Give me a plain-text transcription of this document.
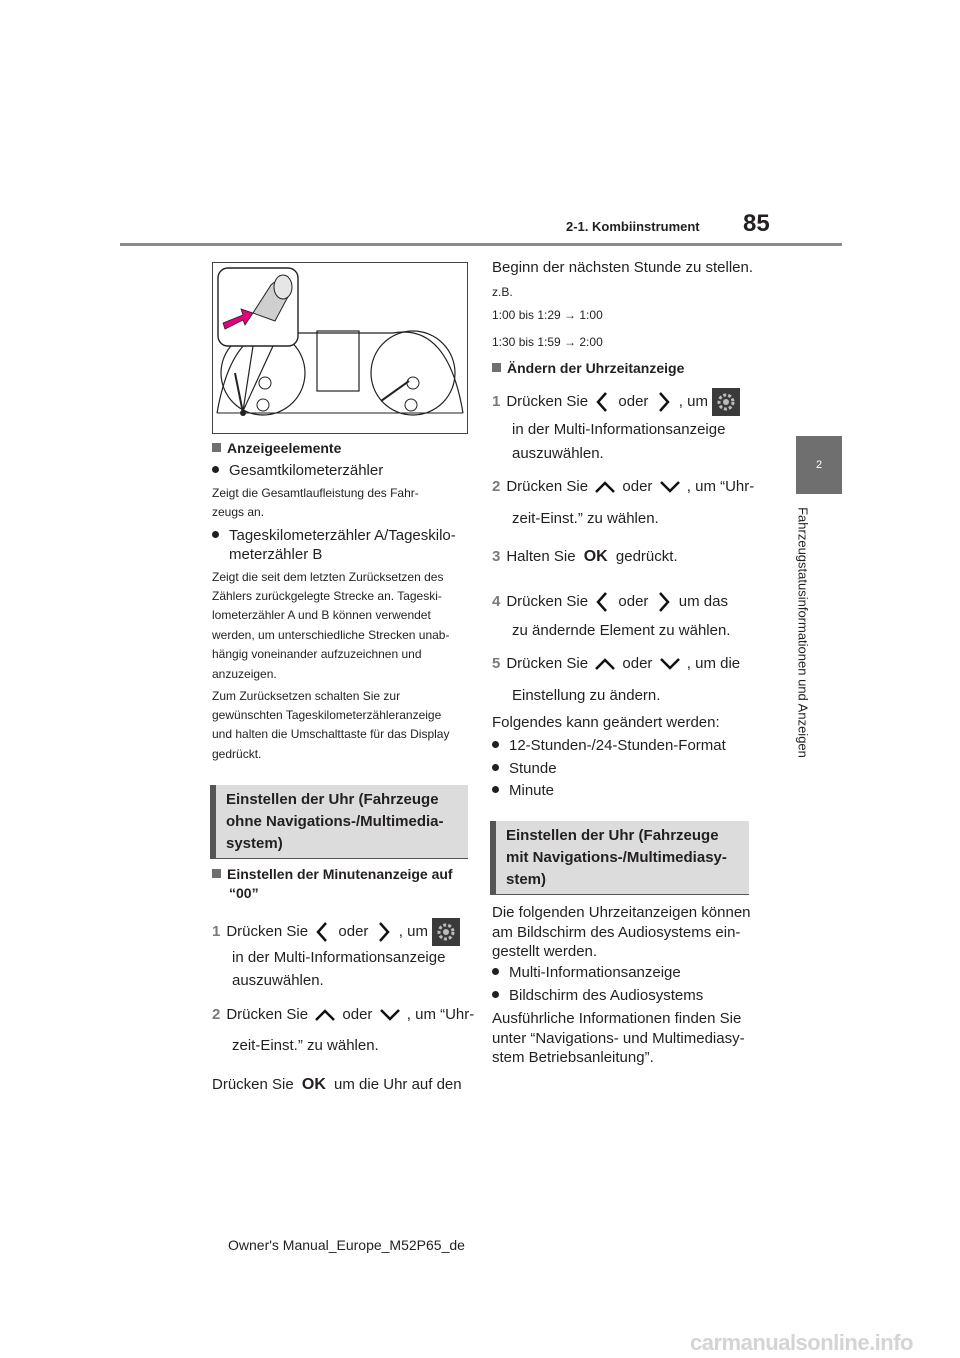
2-1. Kombiinstrument 85
2
Fahrzeugstatusinformationen und Anzeigen
Anzeigeelemente
Gesamtkilometerzähler
Zeigt die Gesamtlaufleistung des Fahr-
zeugs an.
Tageskilometerzähler A/Tageskilo-
meterzähler B
Zeigt die seit dem letzten Zurücksetzen des
Zählers zurückgelegte Strecke an. Tageski-
lometerzähler A und B können verwendet
werden, um unterschiedliche Strecken unab-
hängig voneinander aufzuzeichnen und
anzuzeigen.
Zum Zurücksetzen schalten Sie zur
gewünschten Tageskilometerzähleranzeige
und halten die Umschalttaste für das Display
gedrückt.
Einstellen der Uhr (Fahrzeuge
ohne Navigations-/Multimedia-
system)
Einstellen der Minutenanzeige auf
“00”
1 Drücken Sie oder , um
in der Multi-Informationsanzeige
auszuwählen.
2 Drücken Sie oder , um “Uhr-
zeit-Einst.” zu wählen.
Drücken Sie OK um die Uhr auf den
Beginn der nächsten Stunde zu stellen.
z.B.
1:00 bis 1:29 → 1:00
1:30 bis 1:59 → 2:00
Ändern der Uhrzeitanzeige
1 Drücken Sie oder , um
in der Multi-Informationsanzeige
auszuwählen.
2 Drücken Sie oder , um “Uhr-
zeit-Einst.” zu wählen.
3 Halten Sie OK gedrückt.
4 Drücken Sie oder um das
zu ändernde Element zu wählen.
5 Drücken Sie oder , um die
Einstellung zu ändern.
Folgendes kann geändert werden:
12-Stunden-/24-Stunden-Format
Stunde
Minute
Einstellen der Uhr (Fahrzeuge
mit Navigations-/Multimediasy-
stem)
Die folgenden Uhrzeitanzeigen können
am Bildschirm des Audiosystems ein-
gestellt werden.
Multi-Informationsanzeige
Bildschirm des Audiosystems
Ausführliche Informationen finden Sie
unter “Navigations- und Multimediasy-
stem Betriebsanleitung”.
Owner's Manual_Europe_M52P65_de
carmanualsonline.info
